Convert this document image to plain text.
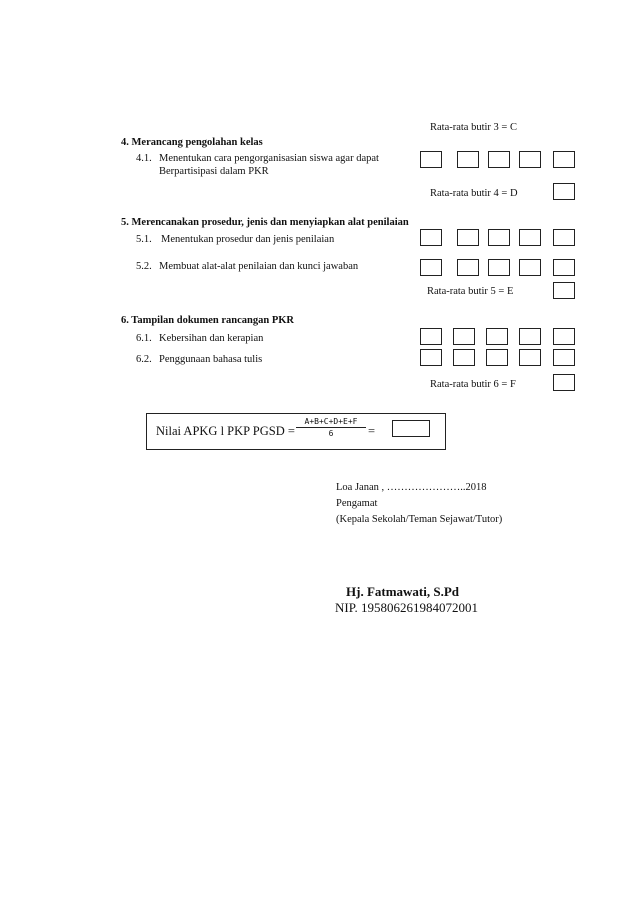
Rata-rata butir 3 = C
4. Merancang pengolahan kelas
4.1. Menentukan cara pengorganisasian siswa agar dapat
Berpartisipasi dalam PKR
Rata-rata butir 4 = D
5. Merencanakan prosedur, jenis dan menyiapkan alat penilaian
5.1. Menentukan prosedur dan jenis penilaian
5.2. Membuat alat-alat penilaian dan kunci jawaban
Rata-rata butir 5 = E
6. Tampilan dokumen rancangan PKR
6.1. Kebersihan dan kerapian
6.2. Penggunaan bahasa tulis
Rata-rata butir 6 = F
Nilai APKG l PKP PGSD = $\frac{A+B+C+D+E+F}{6}$ =
Loa Janan , …………………..2018
Pengamat
(Kepala Sekolah/Teman Sejawat/Tutor)
Hj. Fatmawati, S.Pd
NIP. 195806261984072001
